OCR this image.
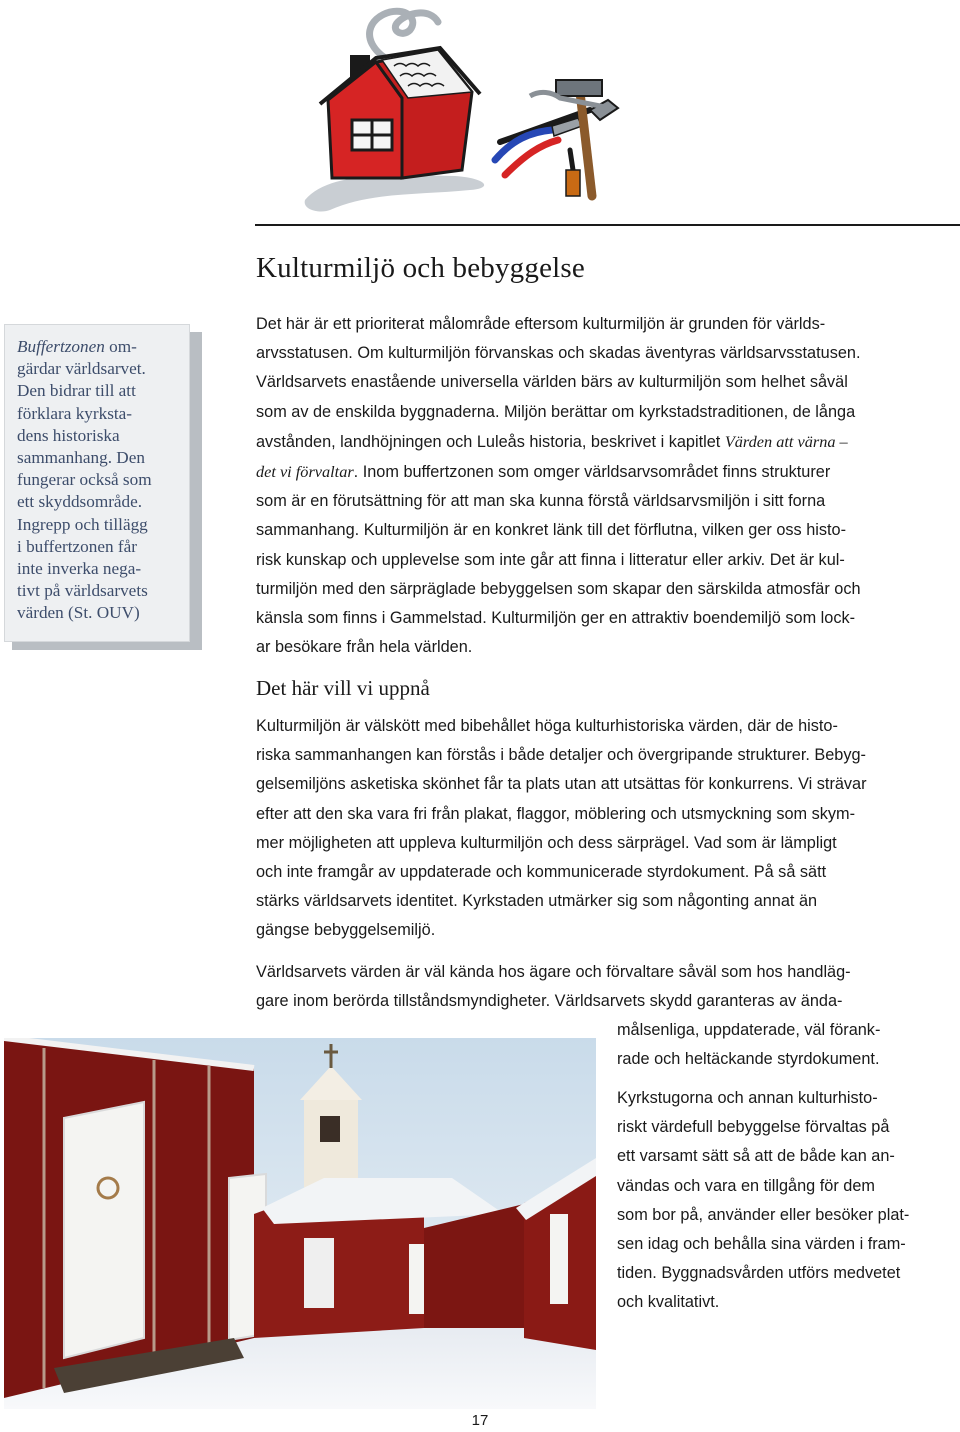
Kulturmiljö och bebyggelse
Buffertzonen om-
gärdar världsarvet.
Den bidrar till att
förklara kyrksta-
dens historiska
sammanhang. Den
fungerar också som
ett skyddsområde.
Ingrepp och tillägg
i buffertzonen får
inte inverka nega-
tivt på världsarvets
värden (St. OUV)
Det här är ett prioriterat målområde eftersom kulturmiljön är grunden för världs-
arvsstatusen. Om kulturmiljön förvanskas och skadas äventyras världsarvsstatusen.
Världsarvets enastående universella världen bärs av kulturmiljön som helhet såväl
som av de enskilda byggnaderna. Miljön berättar om kyrkstadstraditionen, de långa
avstånden, landhöjningen och Luleås historia, beskrivet i kapitlet Värden att värna –
det vi förvaltar. Inom buffertzonen som omger världsarvsområdet finns strukturer
som är en förutsättning för att man ska kunna förstå världsarvsmiljön i sitt forna
sammanhang. Kulturmiljön är en konkret länk till det förflutna, vilken ger oss histo-
risk kunskap och upplevelse som inte går att finna i litteratur eller arkiv. Det är kul-
turmiljön med den särpräglade bebyggelsen som skapar den särskilda atmosfär och
känsla som finns i Gammelstad. Kulturmiljön ger en attraktiv boendemiljö som lock-
ar besökare från hela världen.
Det här vill vi uppnå
Kulturmiljön är välskött med bibehållet höga kulturhistoriska värden, där de histo-
riska sammanhangen kan förstås i både detaljer och övergripande strukturer. Bebyg-
gelsemiljöns asketiska skönhet får ta plats utan att utsättas för konkurrens. Vi strävar
efter att den ska vara fri från plakat, flaggor, möblering och utsmyckning som skym-
mer möjligheten att uppleva kulturmiljön och dess särprägel. Vad som är lämpligt
och inte framgår av uppdaterade och kommunicerade styrdokument. På så sätt
stärks världsarvets identitet. Kyrkstaden utmärker sig som någonting annat än
gängse bebyggelsemiljö.
Världsarvets värden är väl kända hos ägare och förvaltare såväl som hos handläg-
gare inom berörda tillståndsmyndigheter. Världsarvets skydd garanteras av ända-
målsenliga, uppdaterade, väl förank-
rade och heltäckande styrdokument.
Kyrkstugorna och annan kulturhisto-
riskt värdefull bebyggelse förvaltas på
ett varsamt sätt så att de både kan an-
vändas och vara en tillgång för dem
som bor på, använder eller besöker plat-
sen idag och behålla sina värden i fram-
tiden. Byggnadsvården utförs medvetet
och kvalitativt.
17
